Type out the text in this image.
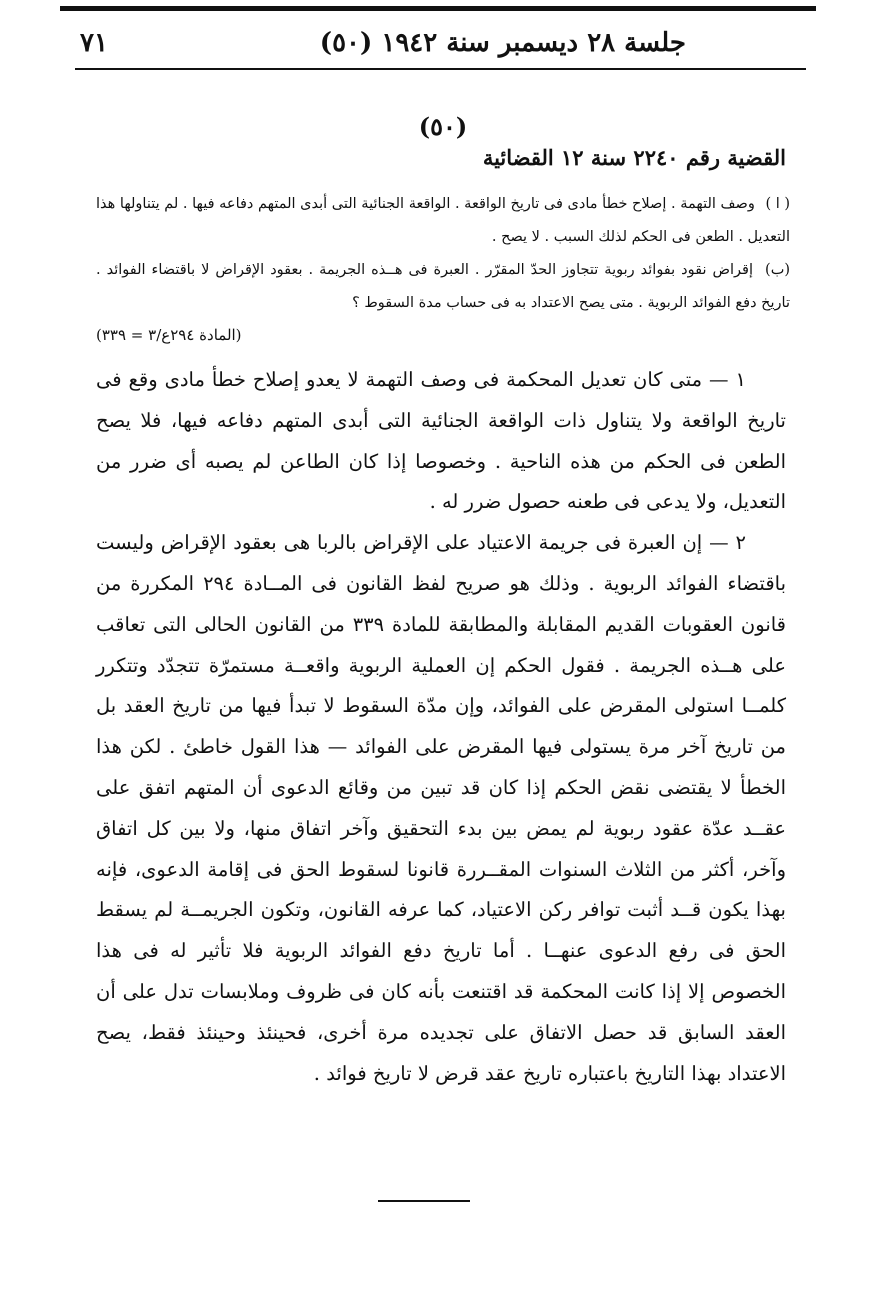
جلسة ٢٨ ديسمبر سنة ١٩٤٢ (٥٠)
٧١
(٥٠)
القضية رقم ٢٢٤٠ سنة ١٢ القضائية

( ا ) وصف التهمة . إصلاح خطأ مادى فى تاريخ الواقعة . الواقعة الجنائية التى أبدى المتهم دفاعه فيها . لم يتناولها هذا التعديل . الطعن فى الحكم لذلك السبب . لا يصح .

(ب) إقراض نقود بفوائد ربوية تتجاوز الحدّ المقرّر . العبرة فى هــذه الجريمة . بعقود الإقراض لا باقتضاء الفوائد . تاريخ دفع الفوائد الربوية . متى يصح الاعتداد به فى حساب مدة السقوط ؟

(المادة ٢٩٤ع/٣ = ٣٣٩)

١ — متى كان تعديل المحكمة فى وصف التهمة لا يعدو إصلاح خطأ مادى وقع فى تاريخ الواقعة ولا يتناول ذات الواقعة الجنائية التى أبدى المتهم دفاعه فيها، فلا يصح الطعن فى الحكم من هذه الناحية . وخصوصا إذا كان الطاعن لم يصبه أى ضرر من التعديل، ولا يدعى فى طعنه حصول ضرر له .

٢ — إن العبرة فى جريمة الاعتياد على الإقراض بالربا هى بعقود الإقراض وليست باقتضاء الفوائد الربوية . وذلك هو صريح لفظ القانون فى المــادة ٢٩٤ المكررة من قانون العقوبات القديم المقابلة والمطابقة للمادة ٣٣٩ من القانون الحالى التى تعاقب على هــذه الجريمة . فقول الحكم إن العملية الربوية واقعــة مستمرّة تتجدّد وتتكرر كلمــا استولى المقرض على الفوائد، وإن مدّة السقوط لا تبدأ فيها من تاريخ العقد بل من تاريخ آخر مرة يستولى فيها المقرض على الفوائد — هذا القول خاطئ . لكن هذا الخطأ لا يقتضى نقض الحكم إذا كان قد تبين من وقائع الدعوى أن المتهم اتفق على عقــد عدّة عقود ربوية لم يمض بين بدء التحقيق وآخر اتفاق منها، ولا بين كل اتفاق وآخر، أكثر من الثلاث السنوات المقــررة قانونا لسقوط الحق فى إقامة الدعوى، فإنه بهذا يكون قــد أثبت توافر ركن الاعتياد، كما عرفه القانون، وتكون الجريمــة لم يسقط الحق فى رفع الدعوى عنهــا . أما تاريخ دفع الفوائد الربوية فلا تأثير له فى هذا الخصوص إلا إذا كانت المحكمة قد اقتنعت بأنه كان فى ظروف وملابسات تدل على أن العقد السابق قد حصل الاتفاق على تجديده مرة أخرى، فحينئذ وحينئذ فقط، يصح الاعتداد بهذا التاريخ باعتباره تاريخ عقد قرض لا تاريخ فوائد .
